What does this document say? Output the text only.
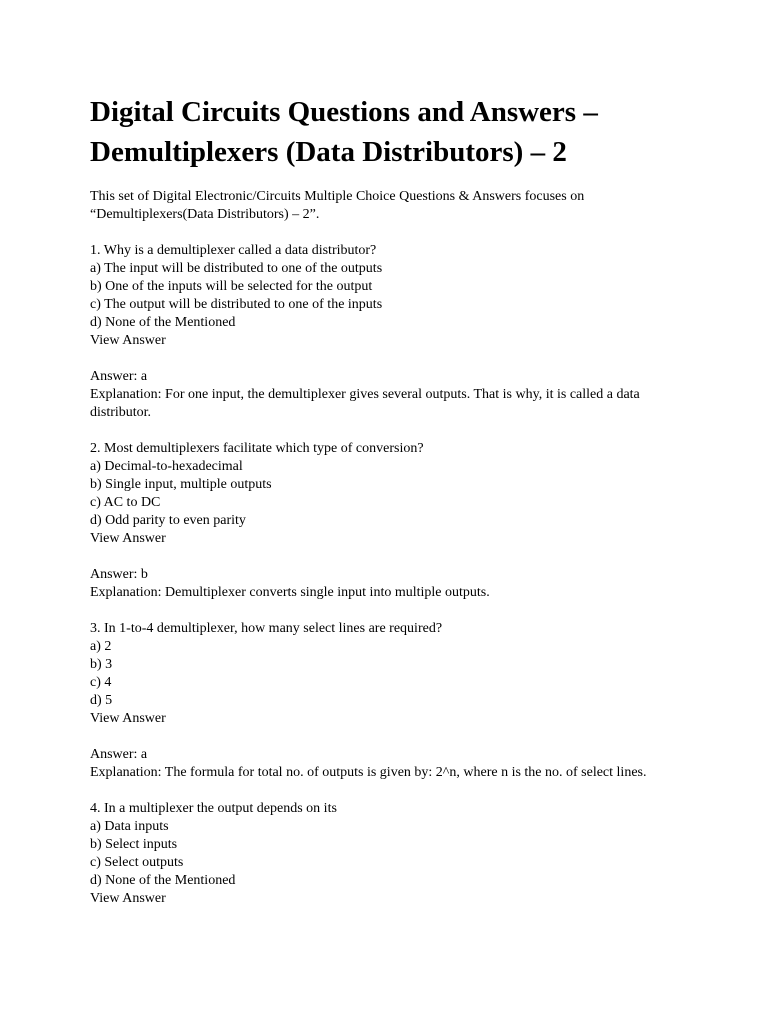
Digital Circuits Questions and Answers – Demultiplexers (Data Distributors) – 2
This set of Digital Electronic/Circuits Multiple Choice Questions & Answers focuses on “Demultiplexers(Data Distributors) – 2”.
1. Why is a demultiplexer called a data distributor?
a) The input will be distributed to one of the outputs
b) One of the inputs will be selected for the output
c) The output will be distributed to one of the inputs
d) None of the Mentioned
View Answer
Answer: a
Explanation: For one input, the demultiplexer gives several outputs. That is why, it is called a data distributor.
2. Most demultiplexers facilitate which type of conversion?
a) Decimal-to-hexadecimal
b) Single input, multiple outputs
c) AC to DC
d) Odd parity to even parity
View Answer
Answer: b
Explanation: Demultiplexer converts single input into multiple outputs.
3. In 1-to-4 demultiplexer, how many select lines are required?
a) 2
b) 3
c) 4
d) 5
View Answer
Answer: a
Explanation: The formula for total no. of outputs is given by: 2^n, where n is the no. of select lines.
4. In a multiplexer the output depends on its
a) Data inputs
b) Select inputs
c) Select outputs
d) None of the Mentioned
View Answer
